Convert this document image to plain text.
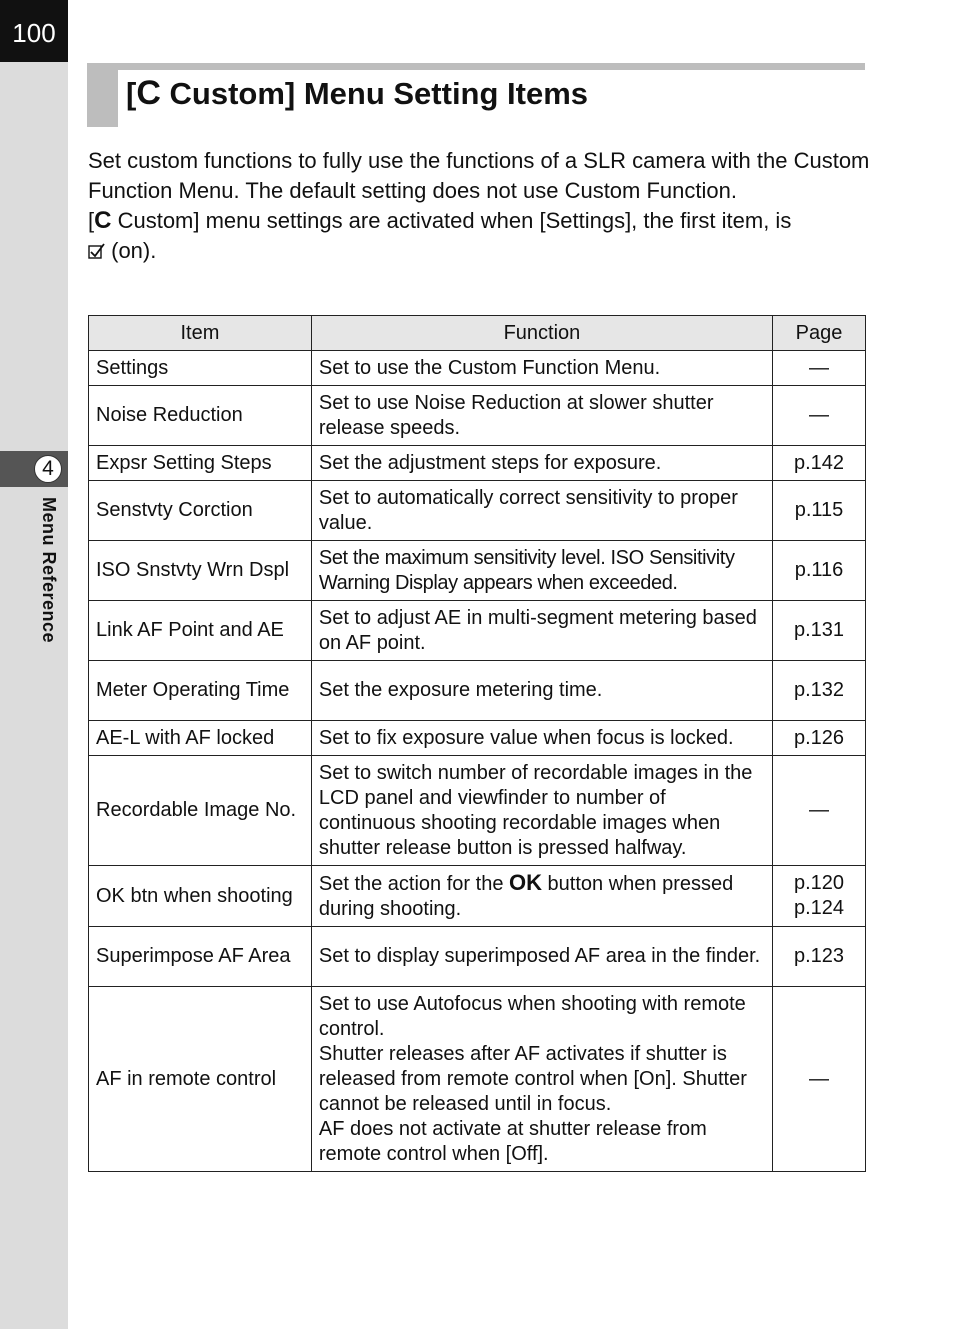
100
4
Menu Reference
[C Custom] Menu Setting Items

Set custom functions to fully use the functions of a SLR camera with the Custom Function Menu. The default setting does not use Custom Function.

[C Custom] menu settings are activated when [Settings], the first item, is
(on).

Item	Function	Page
Settings	Set to use the Custom Function Menu.	—
Noise Reduction	Set to use Noise Reduction at slower shutter release speeds.	—
Expsr Setting Steps	Set the adjustment steps for exposure.	p.142
Senstvty Corction	Set to automatically correct sensitivity to proper value.	p.115
ISO Snstvty Wrn Dspl	Set the maximum sensitivity level. ISO Sensitivity Warning Display appears when exceeded.	p.116
Link AF Point and AE	Set to adjust AE in multi-segment metering based on AF point.	p.131
Meter Operating Time	Set the exposure metering time.	p.132
AE-L with AF locked	Set to fix exposure value when focus is locked.	p.126
Recordable Image No.	Set to switch number of recordable images in the LCD panel and viewfinder to number of continuous shooting recordable images when shutter release button is pressed halfway.	—
OK btn when shooting	Set the action for the OK button when pressed during shooting.	p.120
p.124
Superimpose AF Area	Set to display superimposed AF area in the finder.	p.123
AF in remote control	Set to use Autofocus when shooting with remote control.
Shutter releases after AF activates if shutter is released from remote control when [On]. Shutter cannot be released until in focus.
AF does not activate at shutter release from remote control when [Off].	—
